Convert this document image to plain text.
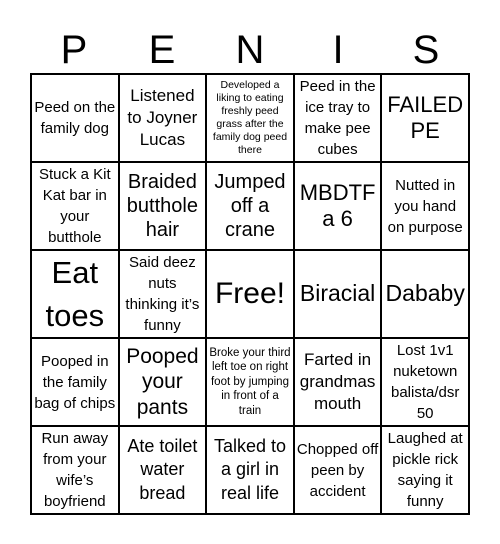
P	E	N	I	S
Peed on the family dog
Listened to Joyner Lucas
Developed a liking to eating freshly peed grass after the family dog peed there
Peed in the ice tray to make pee cubes
FAILED PE
Stuck a Kit Kat bar in your butthole
Braided butthole hair
Jumped off a crane
MBDTF a 6
Nutted in you hand on purpose
Eat toes
Said deez nuts thinking it’s funny
Free! Biracial Dababy
Pooped in the family bag of chips
Pooped your pants
Broke your third left toe on right foot by jumping in front of a train
Farted in grandmas mouth
Lost 1v1 nuketown balista/dsr 50
Run away from your wife’s boyfriend
Ate toilet water bread
Talked to a girl in real life
Chopped off peen by accident
Laughed at pickle rick saying it funny
